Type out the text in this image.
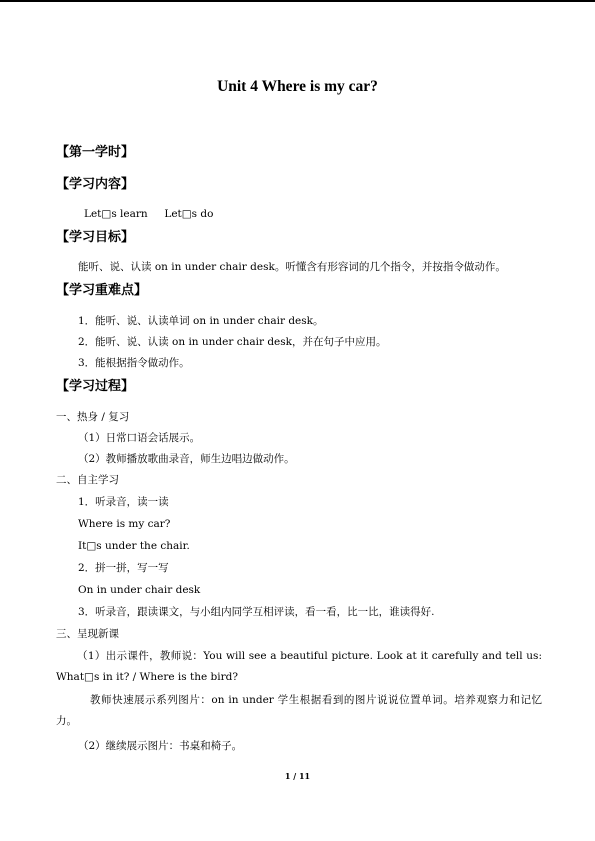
Unit 4 Where is my car?
【第一学时】
【学习内容】
Let□s learn     Let□s do
【学习目标】
能听、说、认读 on in under chair desk。听懂含有形容词的几个指令，并按指令做动作。
【学习重难点】
1．能听、说、认读单词 on in under chair desk。
2．能听、说、认读 on in under chair desk，并在句子中应用。
3．能根据指令做动作。
【学习过程】
一、热身 / 复习
（1）日常口语会话展示。
（2）教师播放歌曲录音，师生边唱边做动作。
二、自主学习
1．听录音，读一读
Where is my car?
It□s under the chair.
2．拼一拼，写一写
On in under chair desk
3．听录音，跟读课文，与小组内同学互相评读，看一看，比一比，谁读得好.
三、呈现新课
（1）出示课件，教师说：You will see a beautiful picture. Look at it carefully and tell us: What□s in it? / Where is the bird?
教师快速展示系列图片：on in under 学生根据看到的图片说说位置单词。培养观察力和记忆力。
（2）继续展示图片：书桌和椅子。
1 / 11
